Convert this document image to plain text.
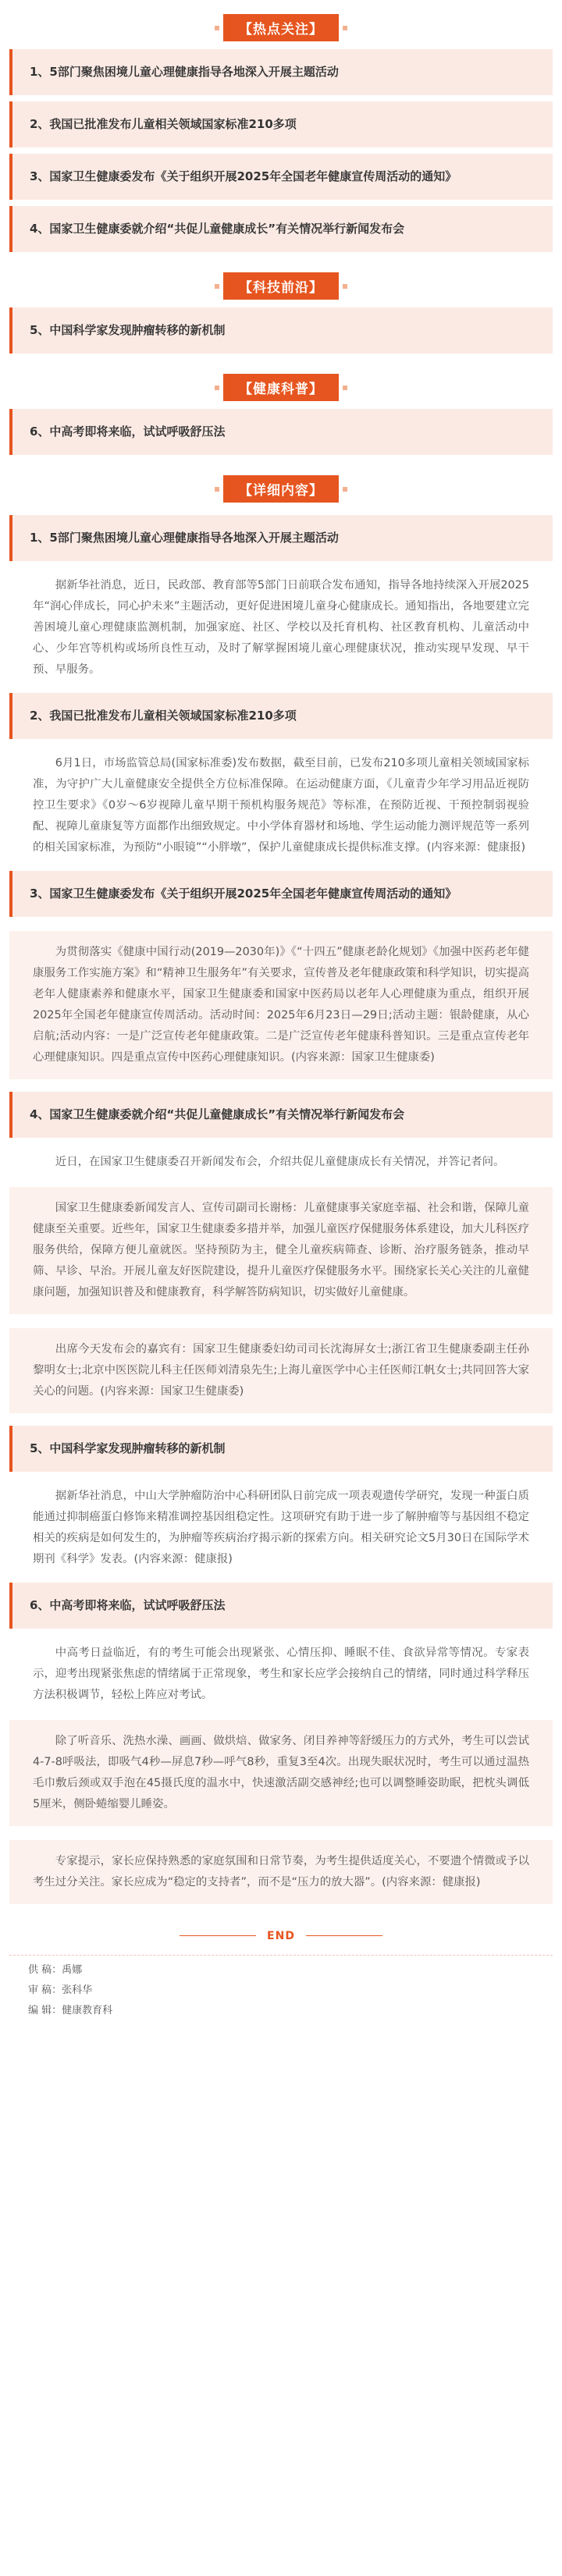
【热点关注】
1、5部门聚焦困境儿童心理健康指导各地深入开展主题活动
2、我国已批准发布儿童相关领域国家标准210多项
3、国家卫生健康委发布《关于组织开展2025年全国老年健康宣传周活动的通知》
4、国家卫生健康委就介绍“共促儿童健康成长”有关情况举行新闻发布会
【科技前沿】
5、中国科学家发现肿瘤转移的新机制
【健康科普】
6、中高考即将来临，试试呼吸舒压法
【详细内容】
1、5部门聚焦困境儿童心理健康指导各地深入开展主题活动

据新华社消息，近日，民政部、教育部等5部门日前联合发布通知，指导各地持续深入开展2025年“润心伴成长，同心护未来”主题活动，更好促进困境儿童身心健康成长。通知指出，各地要建立完善困境儿童心理健康监测机制，加强家庭、社区、学校以及托育机构、社区教育机构、儿童活动中心、少年宫等机构或场所良性互动，及时了解掌握困境儿童心理健康状况，推动实现早发现、早干预、早服务。

2、我国已批准发布儿童相关领域国家标准210多项

6月1日，市场监管总局(国家标准委)发布数据，截至目前，已发布210多项儿童相关领域国家标准，为守护广大儿童健康安全提供全方位标准保障。在运动健康方面，《儿童青少年学习用品近视防控卫生要求》《0岁～6岁视障儿童早期干预机构服务规范》等标准，在预防近视、干预控制弱视验配、视障儿童康复等方面都作出细致规定。中小学体育器材和场地、学生运动能力测评规范等一系列的相关国家标准，为预防“小眼镜”“小胖墩”，保护儿童健康成长提供标准支撑。(内容来源：健康报)

3、国家卫生健康委发布《关于组织开展2025年全国老年健康宣传周活动的通知》

为贯彻落实《健康中国行动(2019—2030年)》《“十四五”健康老龄化规划》《加强中医药老年健康服务工作实施方案》和“精神卫生服务年”有关要求，宣传普及老年健康政策和科学知识，切实提高老年人健康素养和健康水平，国家卫生健康委和国家中医药局以老年人心理健康为重点，组织开展2025年全国老年健康宣传周活动。活动时间：2025年6月23日—29日;活动主题：银龄健康，从心启航;活动内容：一是广泛宣传老年健康政策。二是广泛宣传老年健康科普知识。三是重点宣传老年心理健康知识。四是重点宣传中医药心理健康知识。(内容来源：国家卫生健康委)

4、国家卫生健康委就介绍“共促儿童健康成长”有关情况举行新闻发布会

近日，在国家卫生健康委召开新闻发布会，介绍共促儿童健康成长有关情况，并答记者问。

国家卫生健康委新闻发言人、宣传司副司长谢杨：儿童健康事关家庭幸福、社会和谐，保障儿童健康至关重要。近些年，国家卫生健康委多措并举，加强儿童医疗保健服务体系建设，加大儿科医疗服务供给，保障方便儿童就医。坚持预防为主，健全儿童疾病筛查、诊断、治疗服务链条，推动早筛、早诊、早治。开展儿童友好医院建设，提升儿童医疗保健服务水平。围绕家长关心关注的儿童健康问题，加强知识普及和健康教育，科学解答防病知识，切实做好儿童健康。

出席今天发布会的嘉宾有：国家卫生健康委妇幼司司长沈海屏女士;浙江省卫生健康委副主任孙黎明女士;北京中医医院儿科主任医师刘清泉先生;上海儿童医学中心主任医师江帆女士;共同回答大家关心的问题。(内容来源：国家卫生健康委)

5、中国科学家发现肿瘤转移的新机制

据新华社消息，中山大学肿瘤防治中心科研团队日前完成一项表观遗传学研究，发现一种蛋白质能通过抑制癌蛋白修饰来精准调控基因组稳定性。这项研究有助于进一步了解肿瘤等与基因组不稳定相关的疾病是如何发生的，为肿瘤等疾病治疗揭示新的探索方向。相关研究论文5月30日在国际学术期刊《科学》发表。(内容来源：健康报)

6、中高考即将来临，试试呼吸舒压法

中高考日益临近，有的考生可能会出现紧张、心情压抑、睡眠不佳、食欲异常等情况。专家表示，迎考出现紧张焦虑的情绪属于正常现象，考生和家长应学会接纳自己的情绪，同时通过科学释压方法积极调节，轻松上阵应对考试。

除了听音乐、洗热水澡、画画、做烘焙、做家务、闭目养神等舒缓压力的方式外，考生可以尝试4-7-8呼吸法，即吸气4秒—屏息7秒—呼气8秒，重复3至4次。出现失眠状况时，考生可以通过温热毛巾敷后颈或双手泡在45摄氏度的温水中，快速激活副交感神经;也可以调整睡姿助眠，把枕头调低5厘米，侧卧蜷缩婴儿睡姿。

专家提示，家长应保持熟悉的家庭氛围和日常节奏，为考生提供适度关心，不要遗个情微或予以考生过分关注。家长应成为“稳定的支持者”，而不是“压力的放大器”。(内容来源：健康报)

END
供 稿：禹娜
审 稿：张科华
编 辑：健康教育科
